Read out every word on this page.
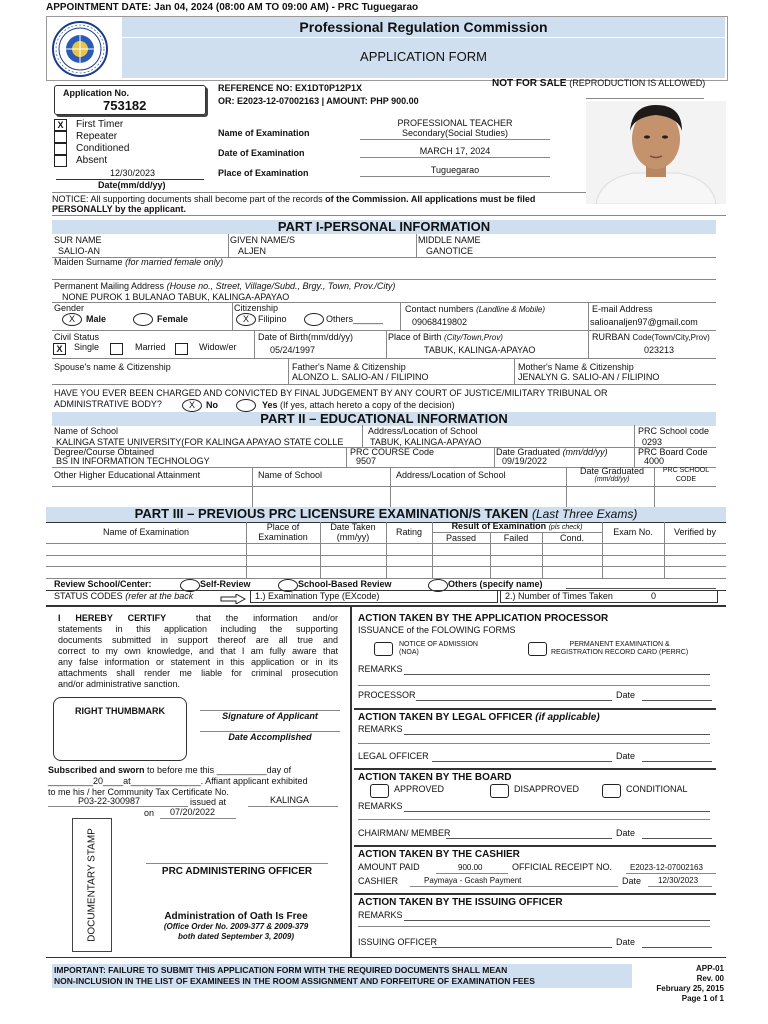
APPOINTMENT DATE: Jan 04, 2024 (08:00 AM TO 09:00 AM) - PRC Tuguegarao
Professional Regulation Commission
APPLICATION FORM
Application No.
753182
REFERENCE NO: EX1DT0P12P1X
OR: E2023-12-07002163 | AMOUNT: PHP 900.00
NOT FOR SALE (REPRODUCTION IS ALLOWED)
X	First Timer
Repeater
Conditioned
Absent
12/30/2023
Date(mm/dd/yy)
Name of Examination
PROFESSIONAL TEACHER
Secondary(Social Studies)
Date of Examination	MARCH 17, 2024
Place of Examination	Tuguegarao
NOTICE: All supporting documents shall become part of the records of the Commission. All applications must be filed
PERSONALLY by the applicant.
PART I-PERSONAL INFORMATION
SUR NAME
SALIO-AN
GIVEN NAME/S
ALJEN
MIDDLE NAME
GANOTICE
Maiden Surname (for married female only)
Permanent Mailing Address (House no., Street, Village/Subd., Brgy., Town, Prov./City)
NONE PUROK 1 BULANAO TABUK, KALINGA-APAYAO
Gender
X	Male	Female
Citizenship
X	Filipino	Others______
Contact numbers (Landline & Mobile)
09068419802
E-mail Address
salioanaljen97@gmail.com
Civil Status
X	Single	Married	Widow/er
Date of Birth(mm/dd/yy)
05/24/1997
Place of Birth (City/Town,Prov)
TABUK, KALINGA-APAYAO
RURBAN Code(Town/City,Prov)
023213
Spouse's name & Citizenship	Father's Name & Citizenship
ALONZO L. SALIO-AN / FILIPINO
Mother's Name & Citizenship
JENALYN G. SALIO-AN / FILIPINO
HAVE YOU EVER BEEN CHARGED AND CONVICTED BY FINAL JUDGEMENT BY ANY COURT OF JUSTICE/MILITARY TRIBUNAL OR
ADMINISTRATIVE BODY?	X	No	Yes (If yes, attach hereto a copy of the decision)
PART II – EDUCATIONAL INFORMATION
Name of School
KALINGA STATE UNIVERSITY(FOR KALINGA APAYAO STATE COLLE
Address/Location of School
TABUK, KALINGA-APAYAO
PRC School code
0293
Degree/Course Obtained
BS IN INFORMATION TECHNOLOGY
PRC COURSE Code
9507
Date Graduated (mm/dd/yy)
09/19/2022
PRC Board Code
4000
Other Higher Educational Attainment	Name of School	Address/Location of School	Date Graduated
(mm/dd/yy)
PRC SCHOOL
CODE
PART III – PREVIOUS PRC LICENSURE EXAMINATION/S TAKEN (Last Three Exams)
Name of Examination	Place of
Examination
Date Taken
(mm/yy)	Rating
Result of Examination (pls check)
Passed	Failed	Cond.
Exam No.	Verified by
Review School/Center:	Self-Review	School-Based Review	Others (specify name)
STATUS CODES (refer at the back	1.) Examination Type (EXcode)	2.) Number of Times Taken	0
I HEREBY CERTIFY	that the information and/or
statements in this application including the supporting
documents submitted in support thereof are all true and
correct to my own knowledge, and that I am fully aware that
any false information or statement in this application or in its
attachments shall render me liable for criminal prosecution
and/or administrative sanction.
RIGHT THUMBMARK	Signature of Applicant
Date Accomplished
Subscribed and sworn to before me this __________day of
_________20____at______________. Affiant applicant exhibited
to me his / her Community Tax Certificate No.
P03-22-300987	issued at	KALINGA
on 07/20/2022
DOCUMENTARY STAMP	PRC ADMINISTERING OFFICER
Administration of Oath Is Free
(Office Order No. 2009-377 & 2009-379
both dated September 3, 2009)
ACTION TAKEN BY THE APPLICATION PROCESSOR
ISSUANCE of the FOLOWING FORMS
NOTICE OF ADMISSION
(NOA)
PERMANENT EXAMINATION &
REGISTRATION RECORD CARD (PERRC)
REMARKS
PROCESSOR	Date
ACTION TAKEN BY LEGAL OFFICER (if applicable)
REMARKS
LEGAL OFFICER	Date
ACTION TAKEN BY THE BOARD
APPROVED	DISAPPROVED	CONDITIONAL
REMARKS
CHAIRMAN/ MEMBER	Date
ACTION TAKEN BY THE CASHIER
AMOUNT PAID	900.00	OFFICIAL RECEIPT NO. E2023-12-07002163
CASHIER	Paymaya - Gcash Payment	Date 12/30/2023
ACTION TAKEN BY THE ISSUING OFFICER
REMARKS
ISSUING OFFICER	Date
IMPORTANT: FAILURE TO SUBMIT THIS APPLICATION FORM WITH THE REQUIRED DOCUMENTS SHALL MEAN
NON-INCLUSION IN THE LIST OF EXAMINEES IN THE ROOM ASSIGNMENT AND FORFEITURE OF EXAMINATION FEES
APP-01
Rev. 00
February 25, 2015
Page 1 of 1
